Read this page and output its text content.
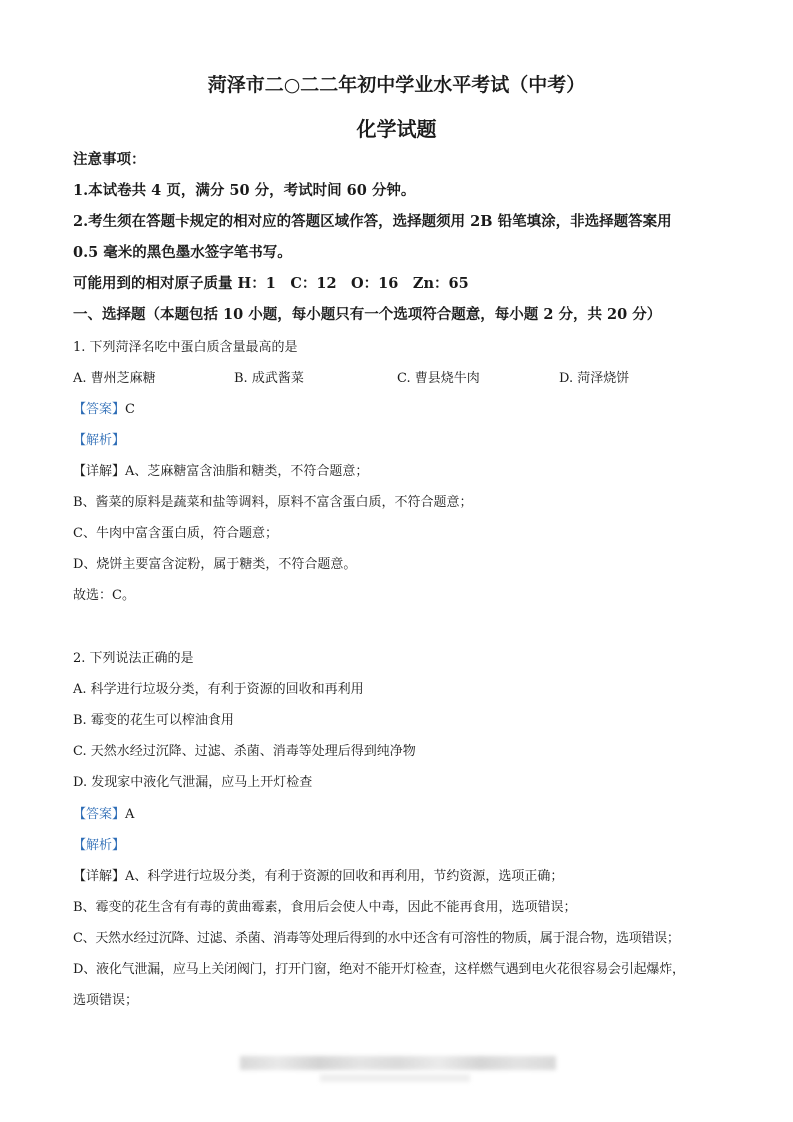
菏泽市二○二二年初中学业水平考试（中考）
化学试题
注意事项：
1.本试卷共 4 页，满分 50 分，考试时间 60 分钟。
2.考生须在答题卡规定的相对应的答题区域作答，选择题须用 2B 铅笔填涂，非选择题答案用
0.5 毫米的黑色墨水签字笔书写。
可能用到的相对原子质量 H：1　C：12　O：16　Zn：65
一、选择题（本题包括 10 小题，每小题只有一个选项符合题意，每小题 2 分，共 20 分）
1. 下列菏泽名吃中蛋白质含量最高的是
A. 曹州芝麻糖	B. 成武酱菜	C. 曹县烧牛肉	D. 菏泽烧饼
【答案】C
【解析】
【详解】A、芝麻糖富含油脂和糖类，不符合题意；
B、酱菜的原料是蔬菜和盐等调料，原料不富含蛋白质，不符合题意；
C、牛肉中富含蛋白质，符合题意；
D、烧饼主要富含淀粉，属于糖类，不符合题意。
故选：C。
2. 下列说法正确的是
A. 科学进行垃圾分类，有利于资源的回收和再利用
B. 霉变的花生可以榨油食用
C. 天然水经过沉降、过滤、杀菌、消毒等处理后得到纯净物
D. 发现家中液化气泄漏，应马上开灯检查
【答案】A
【解析】
【详解】A、科学进行垃圾分类，有利于资源的回收和再利用，节约资源，选项正确；
B、霉变的花生含有有毒的黄曲霉素，食用后会使人中毒，因此不能再食用，选项错误；
C、天然水经过沉降、过滤、杀菌、消毒等处理后得到的水中还含有可溶性的物质，属于混合物，选项错误；
D、液化气泄漏，应马上关闭阀门，打开门窗，绝对不能开灯检查，这样燃气遇到电火花很容易会引起爆炸，
选项错误；
